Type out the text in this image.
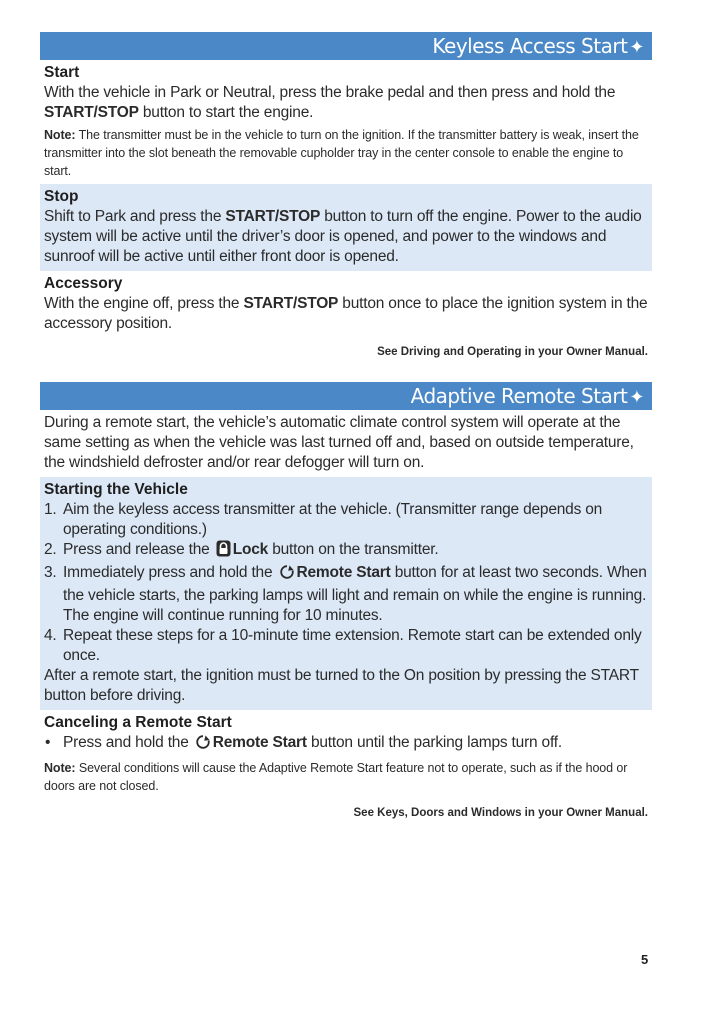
Keyless Access Start ✦
Start
With the vehicle in Park or Neutral, press the brake pedal and then press and hold the START/STOP button to start the engine.
Note: The transmitter must be in the vehicle to turn on the ignition. If the transmitter battery is weak, insert the transmitter into the slot beneath the removable cupholder tray in the center console to enable the engine to start.
Stop
Shift to Park and press the START/STOP button to turn off the engine. Power to the audio system will be active until the driver’s door is opened, and power to the windows and sunroof will be active until either front door is opened.
Accessory
With the engine off, press the START/STOP button once to place the ignition system in the accessory position.
See Driving and Operating in your Owner Manual.
Adaptive Remote Start ✦
During a remote start, the vehicle’s automatic climate control system will operate at the same setting as when the vehicle was last turned off and, based on outside temperature, the windshield defroster and/or rear defogger will turn on.
Starting the Vehicle
1. Aim the keyless access transmitter at the vehicle. (Transmitter range depends on operating conditions.)
2. Press and release the Lock button on the transmitter.
3. Immediately press and hold the Remote Start button for at least two seconds. When the vehicle starts, the parking lamps will light and remain on while the engine is running. The engine will continue running for 10 minutes.
4. Repeat these steps for a 10-minute time extension. Remote start can be extended only once.
After a remote start, the ignition must be turned to the On position by pressing the START button before driving.
Canceling a Remote Start
• Press and hold the Remote Start button until the parking lamps turn off.
Note: Several conditions will cause the Adaptive Remote Start feature not to operate, such as if the hood or doors are not closed.
See Keys, Doors and Windows in your Owner Manual.
5
